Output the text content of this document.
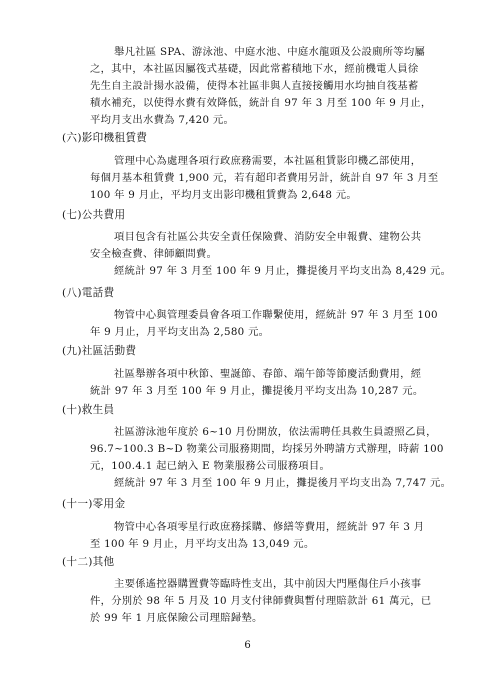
舉凡社區 SPA、游泳池、中庭水池、中庭水龍頭及公設廁所等均屬
之，其中，本社區因屬筏式基礎，因此常蓄積地下水，經前機電人員徐
先生自主設計揚水設備，使得本社區非與人直接接觸用水均抽自筏基蓄
積水補充，以使得水費有效降低，統計自 97 年 3 月至 100 年 9 月止，
平均月支出水費為 7,420 元。
(六)影印機租賃費
管理中心為處理各項行政庶務需要，本社區租賃影印機乙部使用，
每個月基本租賃費 1,900 元，若有超印者費用另計，統計自 97 年 3 月至
100 年 9 月止，平均月支出影印機租賃費為 2,648 元。
(七)公共費用
項目包含有社區公共安全責任保險費、消防安全申報費、建物公共
安全檢查費、律師顧問費。
經統計 97 年 3 月至 100 年 9 月止，攤提後月平均支出為 8,429 元。
(八)電話費
物管中心與管理委員會各項工作聯繫使用，經統計 97 年 3 月至 100
年 9 月止，月平均支出為 2,580 元。
(九)社區活動費
社區舉辦各項中秋節、聖誕節、春節、端午節等節慶活動費用，經
統計 97 年 3 月至 100 年 9 月止，攤提後月平均支出為 10,287 元。
(十)救生員
社區游泳池年度於 6~10 月份開放，依法需聘任具救生員證照乙員，
96.7~100.3 B~D 物業公司服務期間，均採另外聘請方式辦理，時薪 100
元，100.4.1 起已納入 E 物業服務公司服務項目。
經統計 97 年 3 月至 100 年 9 月止，攤提後月平均支出為 7,747 元。
(十一)零用金
物管中心各項零星行政庶務採購、修繕等費用，經統計 97 年 3 月
至 100 年 9 月止，月平均支出為 13,049 元。
(十二)其他
主要係遙控器購置費等臨時性支出，其中前因大門壓傷住戶小孩事
件，分別於 98 年 5 月及 10 月支付律師費與暫付理賠款計 61 萬元，已
於 99 年 1 月底保險公司理賠歸墊。
6
